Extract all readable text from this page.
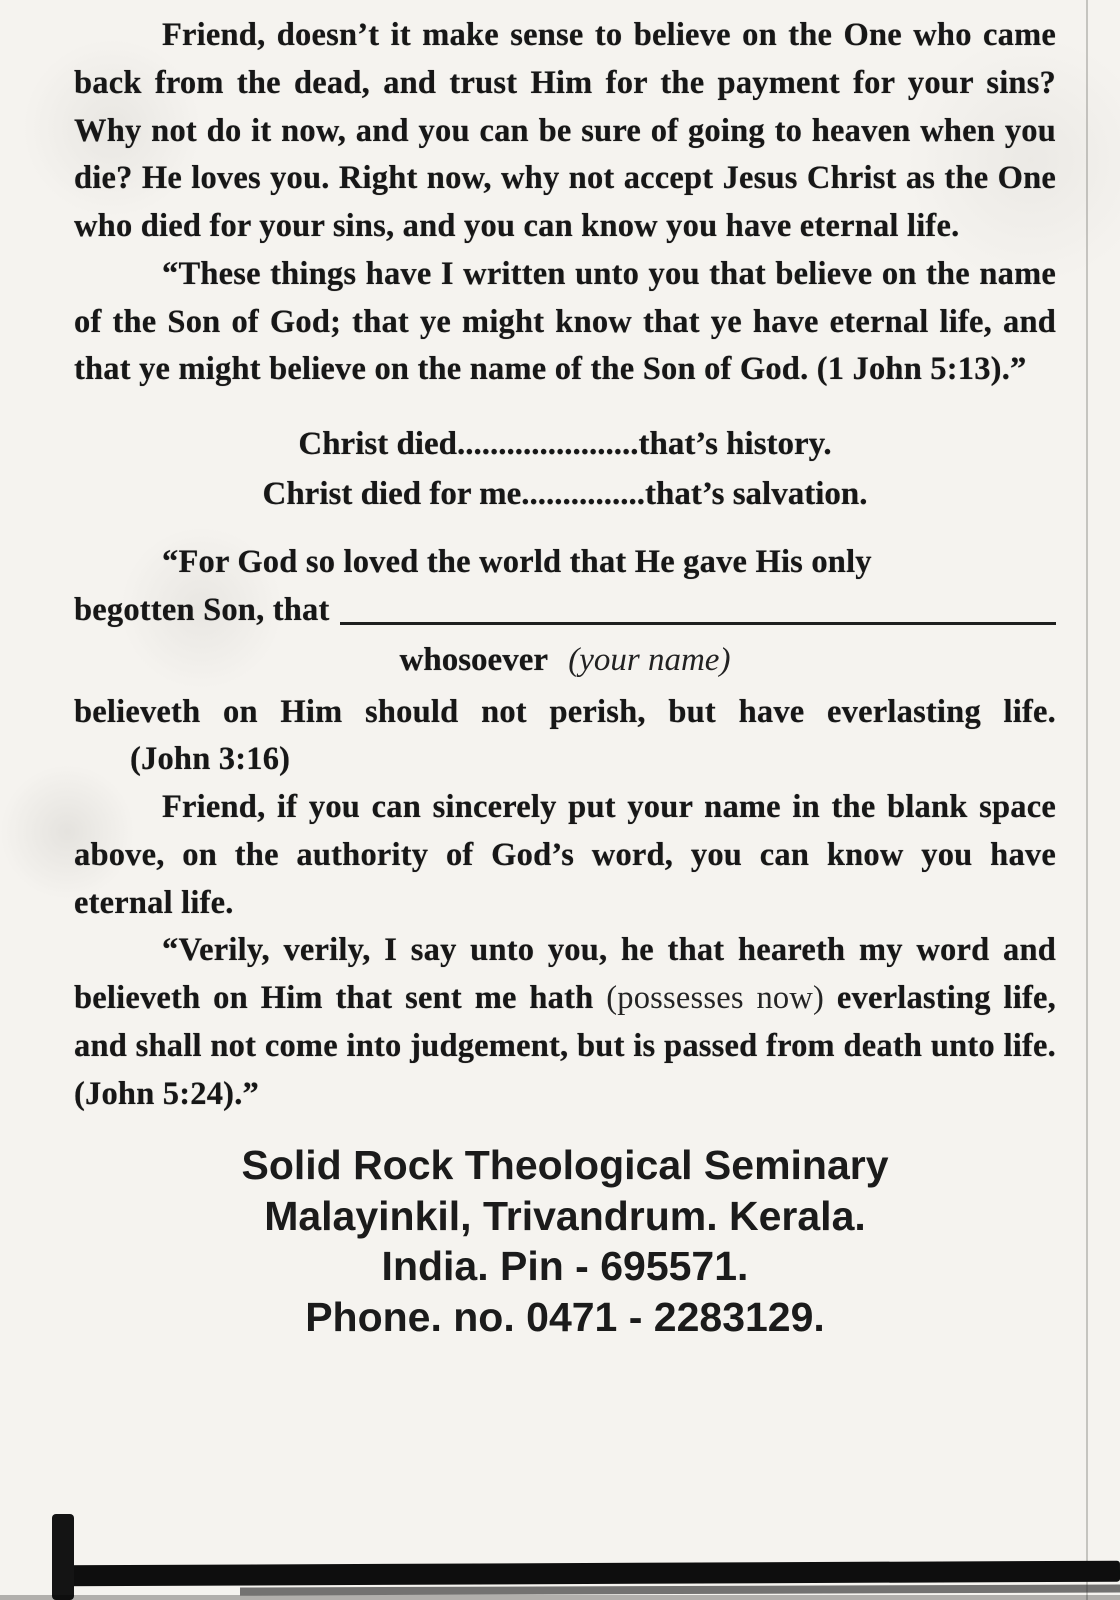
Friend, doesn’t it make sense to believe on the One who came back from the dead, and trust Him for the payment for your sins? Why not do it now, and you can be sure of going to heaven when you die? He loves you. Right now, why not accept Jesus Christ as the One who died for your sins, and you can know you have eternal life.

“These things have I written unto you that believe on the name of the Son of God; that ye might know that ye have eternal life, and that ye might believe on the name of the Son of God. (1 John 5:13).”

Christ died......................that’s history.

Christ died for me...............that’s salvation.

“For God so loved the world that He gave His only

begotten Son, that

whosoever (your name)

believeth on Him should not perish, but have everlasting life. (John 3:16)

Friend, if you can sincerely put your name in the blank space above, on the authority of God’s word, you can know you have eternal life.

“Verily, verily, I say unto you, he that heareth my word and believeth on Him that sent me hath (possesses now) everlasting life, and shall not come into judgement, but is passed from death unto life. (John 5:24).”

Solid Rock Theological Seminary

Malayinkil, Trivandrum. Kerala.

India. Pin - 695571.

Phone. no. 0471 - 2283129.
